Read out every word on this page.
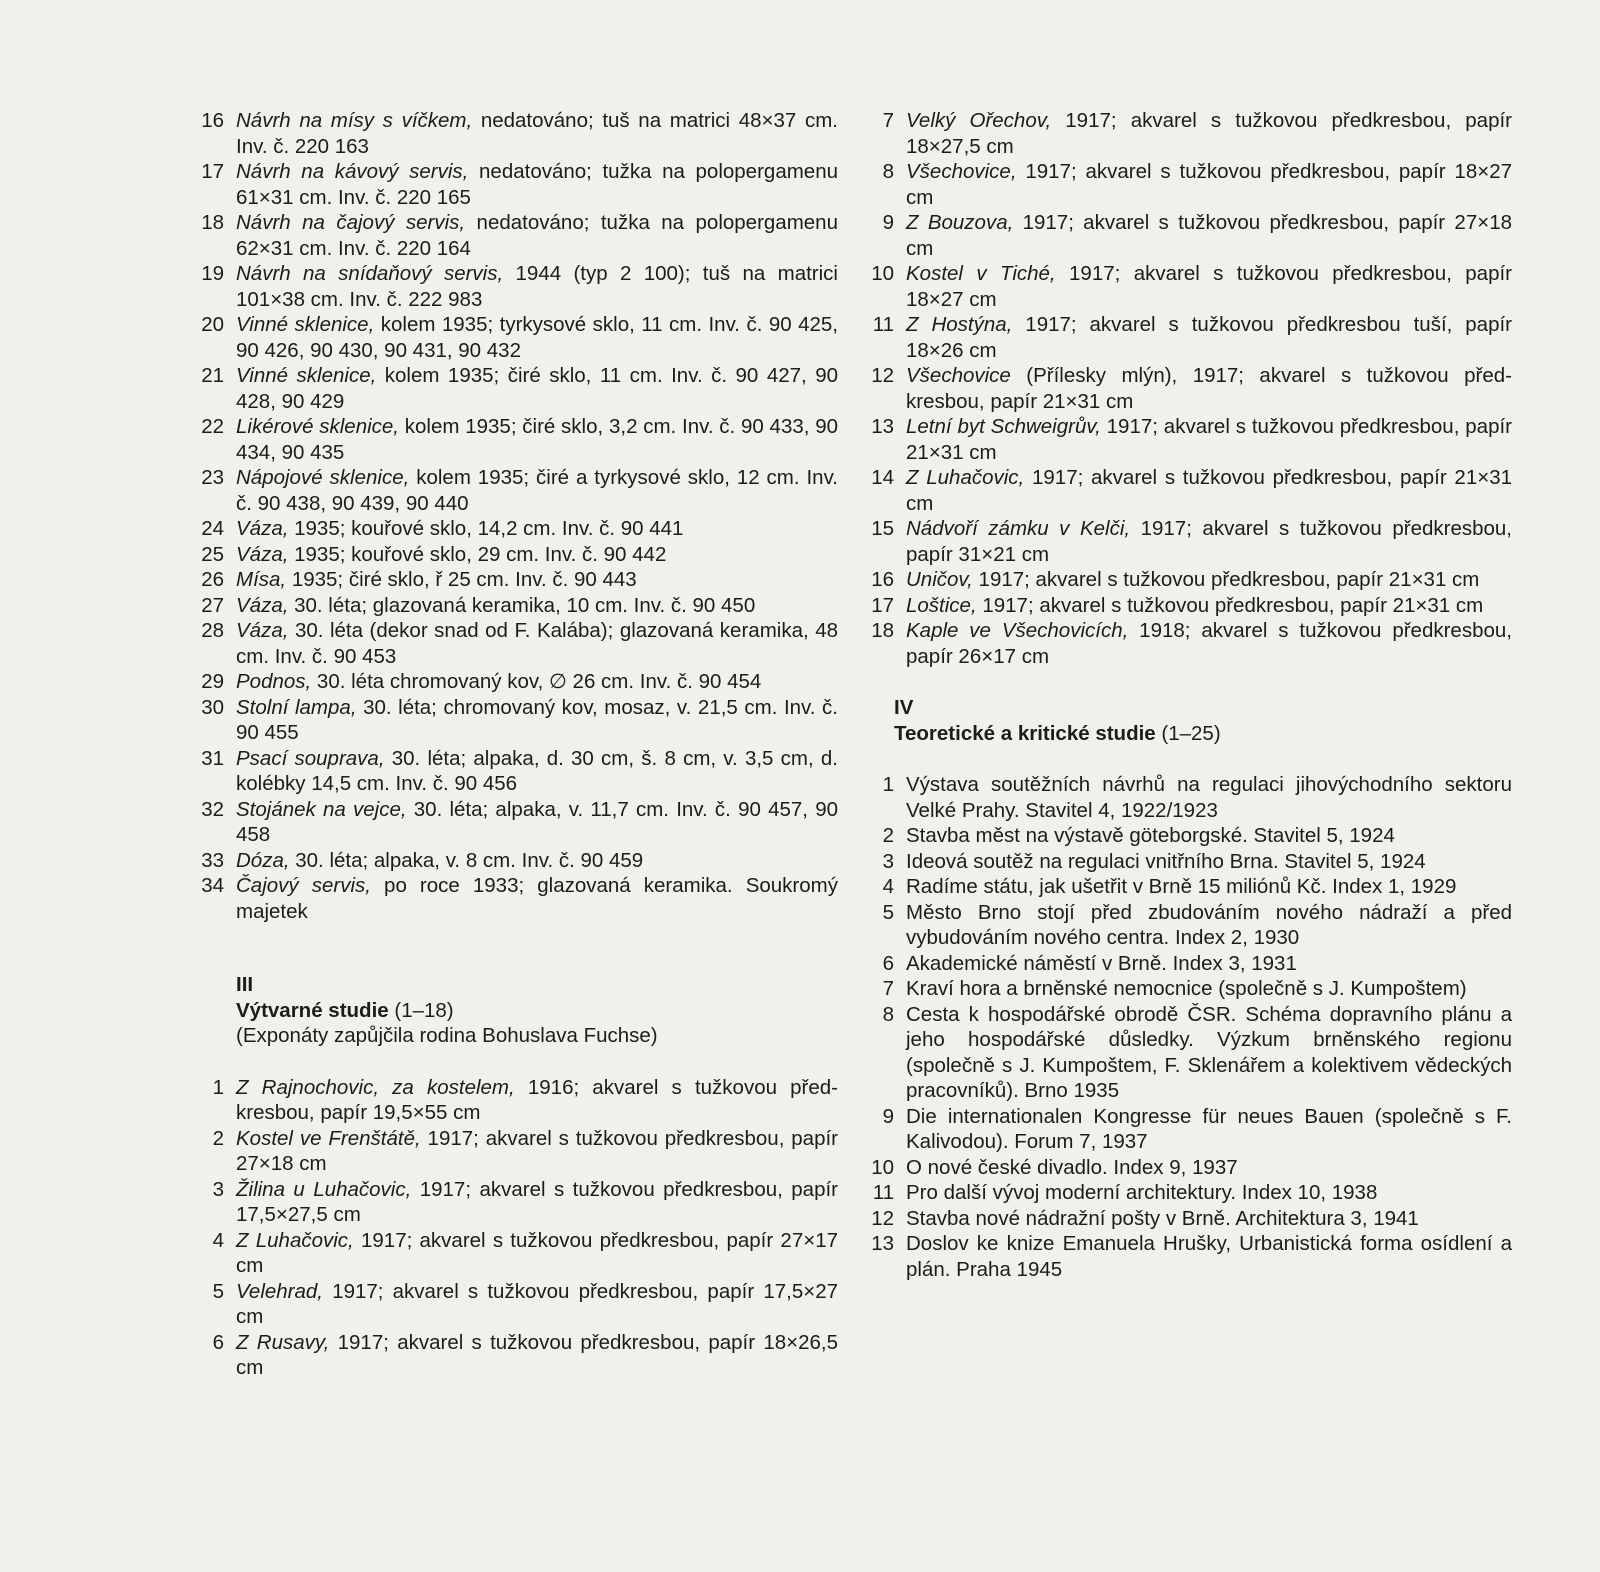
16 Návrh na mísy s víčkem, nedatováno; tuš na matrici 48×37 cm. Inv. č. 220 163
17 Návrh na kávový servis, nedatováno; tužka na polopergamenu 61×31 cm. Inv. č. 220 165
18 Návrh na čajový servis, nedatováno; tužka na polopergamenu 62×31 cm. Inv. č. 220 164
19 Návrh na snídaňový servis, 1944 (typ 2 100); tuš na matrici 101×38 cm. Inv. č. 222 983
20 Vinné sklenice, kolem 1935; tyrkysové sklo, 11 cm. Inv. č. 90 425, 90 426, 90 430, 90 431, 90 432
21 Vinné sklenice, kolem 1935; čiré sklo, 11 cm. Inv. č. 90 427, 90 428, 90 429
22 Likérové sklenice, kolem 1935; čiré sklo, 3,2 cm. Inv. č. 90 433, 90 434, 90 435
23 Nápojové sklenice, kolem 1935; čiré a tyrkysové sklo, 12 cm. Inv. č. 90 438, 90 439, 90 440
24 Váza, 1935; kouřové sklo, 14,2 cm. Inv. č. 90 441
25 Váza, 1935; kouřové sklo, 29 cm. Inv. č. 90 442
26 Mísa, 1935; čiré sklo, ř 25 cm. Inv. č. 90 443
27 Váza, 30. léta; glazovaná keramika, 10 cm. Inv. č. 90 450
28 Váza, 30. léta (dekor snad od F. Kalába); glazovaná keramika, 48 cm. Inv. č. 90 453
29 Podnos, 30. léta chromovaný kov, ∅ 26 cm. Inv. č. 90 454
30 Stolní lampa, 30. léta; chromovaný kov, mosaz, v. 21,5 cm. Inv. č. 90 455
31 Psací souprava, 30. léta; alpaka, d. 30 cm, š. 8 cm, v. 3,5 cm, d. kolébky 14,5 cm. Inv. č. 90 456
32 Stojánek na vejce, 30. léta; alpaka, v. 11,7 cm. Inv. č. 90 457, 90 458
33 Dóza, 30. léta; alpaka, v. 8 cm. Inv. č. 90 459
34 Čajový servis, po roce 1933; glazovaná keramika. Soukromý majetek
III
Výtvarné studie (1–18)
(Exponáty zapůjčila rodina Bohuslava Fuchse)
1 Z Rajnochovic, za kostelem, 1916; akvarel s tužkovou předkresbou, papír 19,5×55 cm
2 Kostel ve Frenštátě, 1917; akvarel s tužkovou předkresbou, papír 27×18 cm
3 Žilina u Luhačovic, 1917; akvarel s tužkovou předkresbou, papír 17,5×27,5 cm
4 Z Luhačovic, 1917; akvarel s tužkovou předkresbou, papír 27×17 cm
5 Velehrad, 1917; akvarel s tužkovou předkresbou, papír 17,5×27 cm
6 Z Rusavy, 1917; akvarel s tužkovou předkresbou, papír 18×26,5 cm
7 Velký Ořechov, 1917; akvarel s tužkovou předkresbou, papír 18×27,5 cm
8 Všechovice, 1917; akvarel s tužkovou předkresbou, papír 18×27 cm
9 Z Bouzova, 1917; akvarel s tužkovou předkresbou, papír 27×18 cm
10 Kostel v Tiché, 1917; akvarel s tužkovou předkresbou, papír 18×27 cm
11 Z Hostýna, 1917; akvarel s tužkovou předkresbou tuší, papír 18×26 cm
12 Všechovice (Přílesky mlýn), 1917; akvarel s tužkovou předkresbou, papír 21×31 cm
13 Letní byt Schweigrův, 1917; akvarel s tužkovou předkresbou, papír 21×31 cm
14 Z Luhačovic, 1917; akvarel s tužkovou předkresbou, papír 21×31 cm
15 Nádvoří zámku v Kelči, 1917; akvarel s tužkovou předkresbou, papír 31×21 cm
16 Uničov, 1917; akvarel s tužkovou předkresbou, papír 21×31 cm
17 Loštice, 1917; akvarel s tužkovou předkresbou, papír 21×31 cm
18 Kaple ve Všechovicích, 1918; akvarel s tužkovou předkresbou, papír 26×17 cm
IV
Teoretické a kritické studie (1–25)
1 Výstava soutěžních návrhů na regulaci jihovýchodního sektoru Velké Prahy. Stavitel 4, 1922/1923
2 Stavba měst na výstavě göteborgské. Stavitel 5, 1924
3 Ideová soutěž na regulaci vnitřního Brna. Stavitel 5, 1924
4 Radíme státu, jak ušetřit v Brně 15 miliónů Kč. Index 1, 1929
5 Město Brno stojí před zbudováním nového nádraží a před vybudováním nového centra. Index 2, 1930
6 Akademické náměstí v Brně. Index 3, 1931
7 Kraví hora a brněnské nemocnice (společně s J. Kumpoštem)
8 Cesta k hospodářské obrodě ČSR. Schéma dopravního plánu a jeho hospodářské důsledky. Výzkum brněnského regionu (společně s J. Kumpoštem, F. Sklenářem a kolektivem vědeckých pracovníků). Brno 1935
9 Die internationalen Kongresse für neues Bauen (společně s F. Kalivodou). Forum 7, 1937
10 O nové české divadlo. Index 9, 1937
11 Pro další vývoj moderní architektury. Index 10, 1938
12 Stavba nové nádražní pošty v Brně. Architektura 3, 1941
13 Doslov ke knize Emanuela Hrušky, Urbanistická forma osídlení a plán. Praha 1945
